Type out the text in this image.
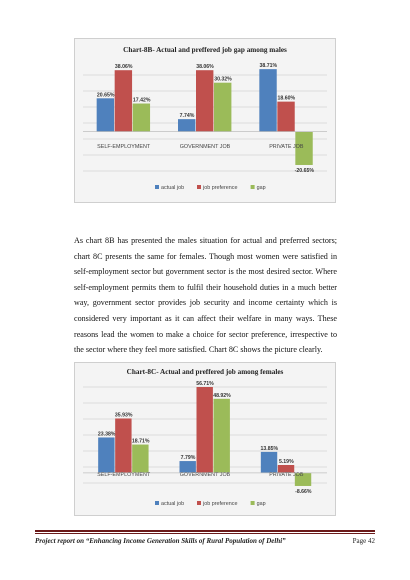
Chart-8B- Actual and preffered job gap among males
20.65%
38.06%
17.42%
SELF-EMPLOYMENT
7.74%
38.06%
30.32%
GOVERNMENT JOB
38.71%
18.60%
-20.65%
PRIVATE JOB
actual job	job preference	gap

As chart 8B has presented the males situation for actual and preferred sectors; chart 8C presents the same for females. Though most women were satisfied in self-employment sector but government sector is the most desired sector. Where self-employment permits them to fulfil their household duties in a much better way, government sector provides job security and income certainty which is considered very important as it can affect their welfare in many ways. These reasons lead the women to make a choice for sector preference, irrespective to the sector where they feel more satisfied. Chart 8C shows the picture clearly.

Chart-8C- Actual and preffered job among females
23.38%
35.93%
18.71%
SELF-EMPLOYMENT
7.79%
56.71%
48.92%
GOVERNMENT JOB
13.85%
5.19%
-8.66%
PRIVATE JOB
actual job	job preference	gap
Project report on “Enhancing Income Generation Skills of Rural Population of Delhi”	Page 42
